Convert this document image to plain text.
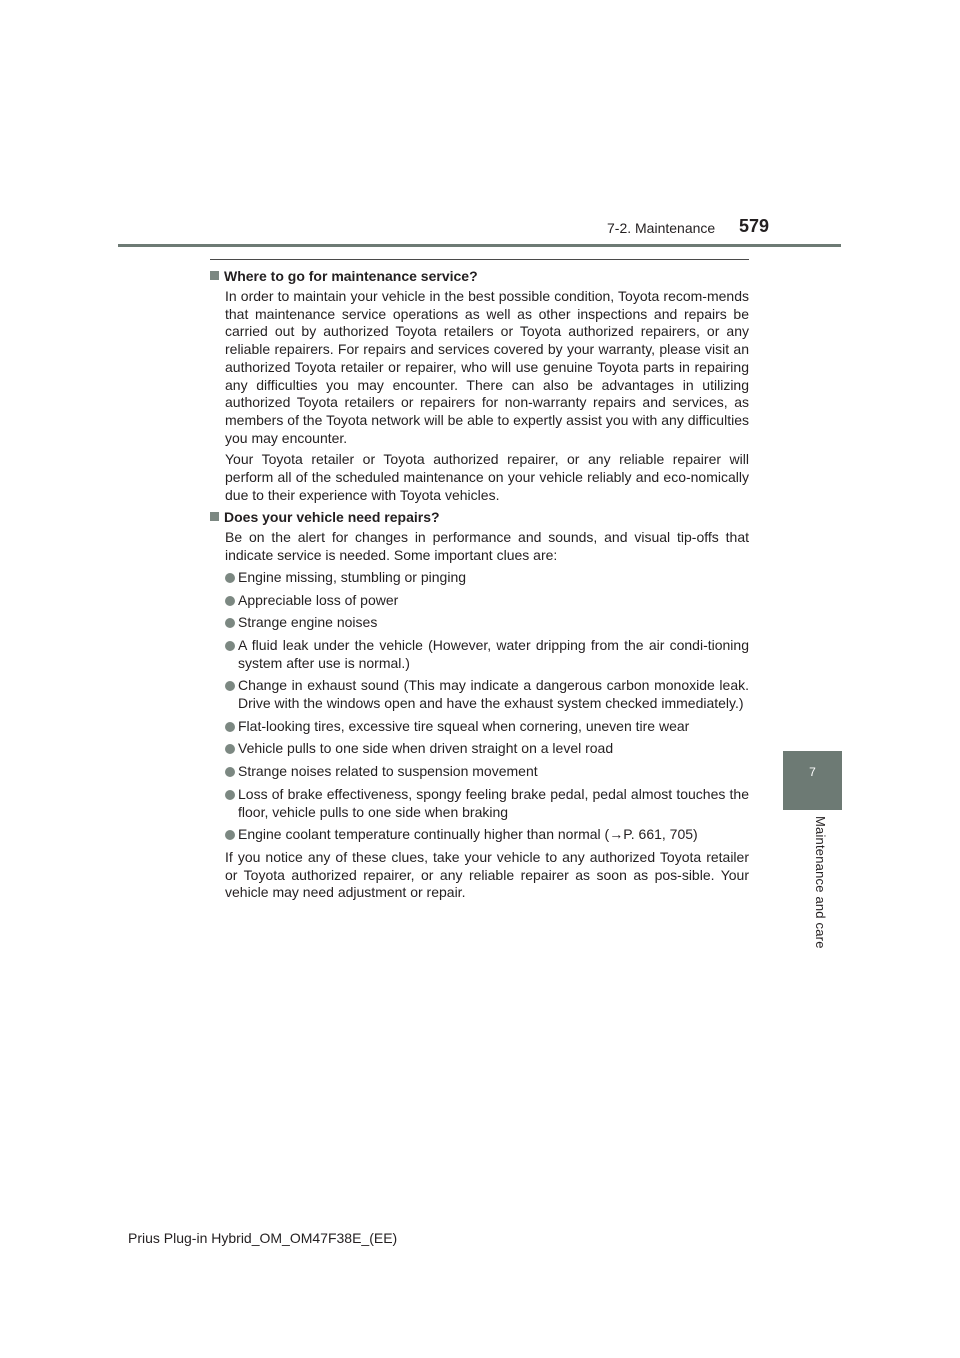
7-2. Maintenance 579
7
Maintenance and care
Where to go for maintenance service?

In order to maintain your vehicle in the best possible condition, Toyota recom-mends that maintenance service operations as well as other inspections and repairs be carried out by authorized Toyota retailers or Toyota authorized repairers, or any reliable repairers. For repairs and services covered by your warranty, please visit an authorized Toyota retailer or repairer, who will use genuine Toyota parts in repairing any difficulties you may encounter. There can also be advantages in utilizing authorized Toyota retailers or repairers for non-warranty repairs and services, as members of the Toyota network will be able to expertly assist you with any difficulties you may encounter.

Your Toyota retailer or Toyota authorized repairer, or any reliable repairer will perform all of the scheduled maintenance on your vehicle reliably and eco-nomically due to their experience with Toyota vehicles.

Does your vehicle need repairs?

Be on the alert for changes in performance and sounds, and visual tip-offs that indicate service is needed. Some important clues are:

Engine missing, stumbling or pinging
Appreciable loss of power
Strange engine noises
A fluid leak under the vehicle (However, water dripping from the air condi-tioning system after use is normal.)
Change in exhaust sound (This may indicate a dangerous carbon monoxide leak. Drive with the windows open and have the exhaust system checked immediately.)
Flat-looking tires, excessive tire squeal when cornering, uneven tire wear
Vehicle pulls to one side when driven straight on a level road
Strange noises related to suspension movement
Loss of brake effectiveness, spongy feeling brake pedal, pedal almost touches the floor, vehicle pulls to one side when braking
Engine coolant temperature continually higher than normal (→P. 661, 705)

If you notice any of these clues, take your vehicle to any authorized Toyota retailer or Toyota authorized repairer, or any reliable repairer as soon as pos-sible. Your vehicle may need adjustment or repair.

Prius Plug-in Hybrid_OM_OM47F38E_(EE)
